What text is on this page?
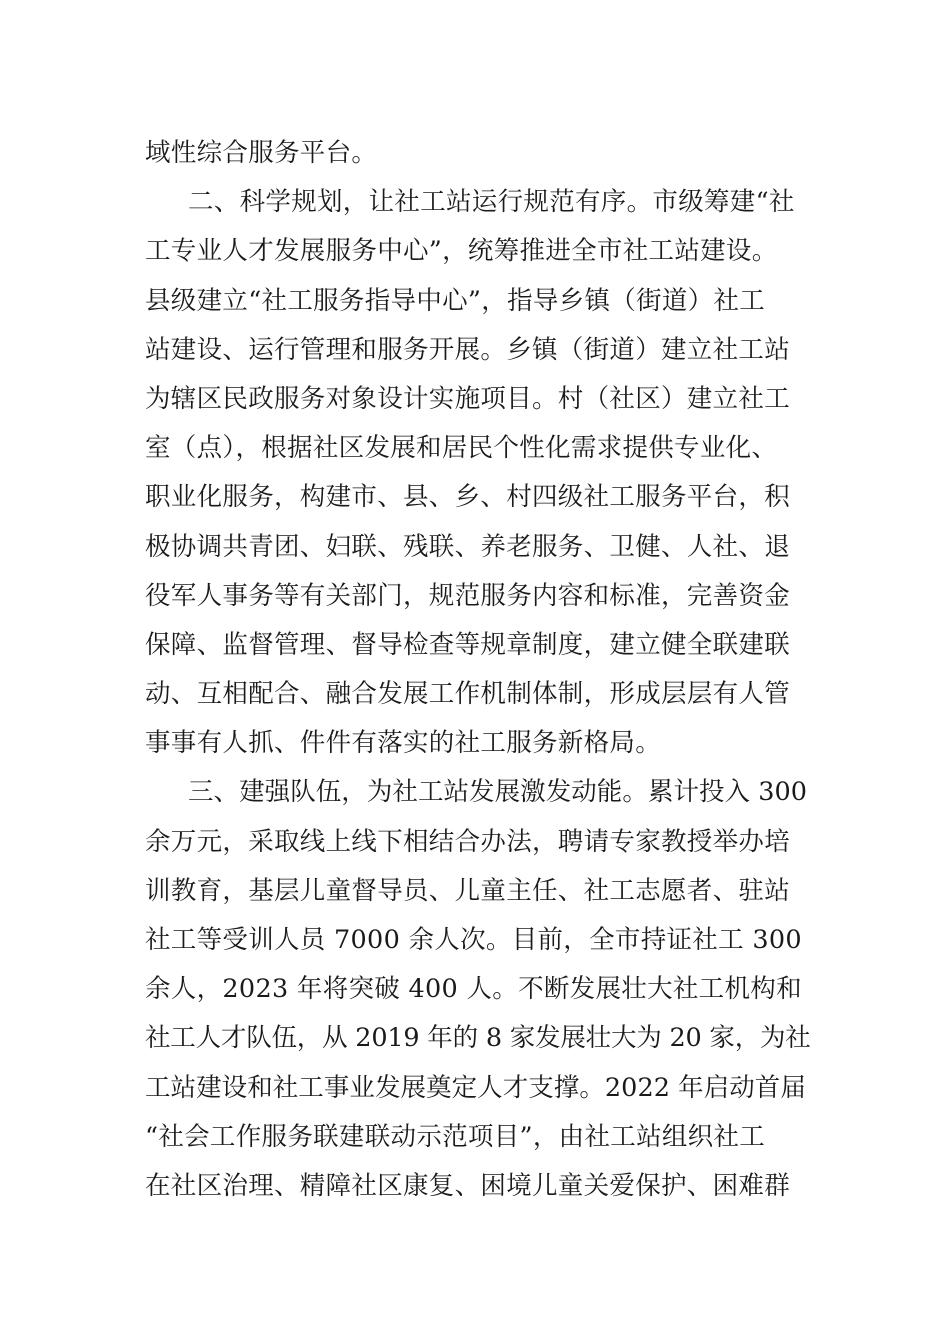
域性综合服务平台。
二、科学规划，让社工站运行规范有序。市级筹建“社
工专业人才发展服务中心”，统筹推进全市社工站建设。
县级建立“社工服务指导中心”，指导乡镇（街道）社工
站建设、运行管理和服务开展。乡镇（街道）建立社工站
为辖区民政服务对象设计实施项目。村（社区）建立社工
室（点），根据社区发展和居民个性化需求提供专业化、
职业化服务，构建市、县、乡、村四级社工服务平台，积
极协调共青团、妇联、残联、养老服务、卫健、人社、退
役军人事务等有关部门，规范服务内容和标准，完善资金
保障、监督管理、督导检查等规章制度，建立健全联建联
动、互相配合、融合发展工作机制体制，形成层层有人管
事事有人抓、件件有落实的社工服务新格局。
三、建强队伍，为社工站发展激发动能。累计投入 300
余万元，采取线上线下相结合办法，聘请专家教授举办培
训教育，基层儿童督导员、儿童主任、社工志愿者、驻站
社工等受训人员 7000 余人次。目前，全市持证社工 300
余人，2023 年将突破 400 人。不断发展壮大社工机构和
社工人才队伍，从 2019 年的 8 家发展壮大为 20 家，为社
工站建设和社工事业发展奠定人才支撑。2022 年启动首届
“社会工作服务联建联动示范项目”，由社工站组织社工
在社区治理、精障社区康复、困境儿童关爱保护、困难群
